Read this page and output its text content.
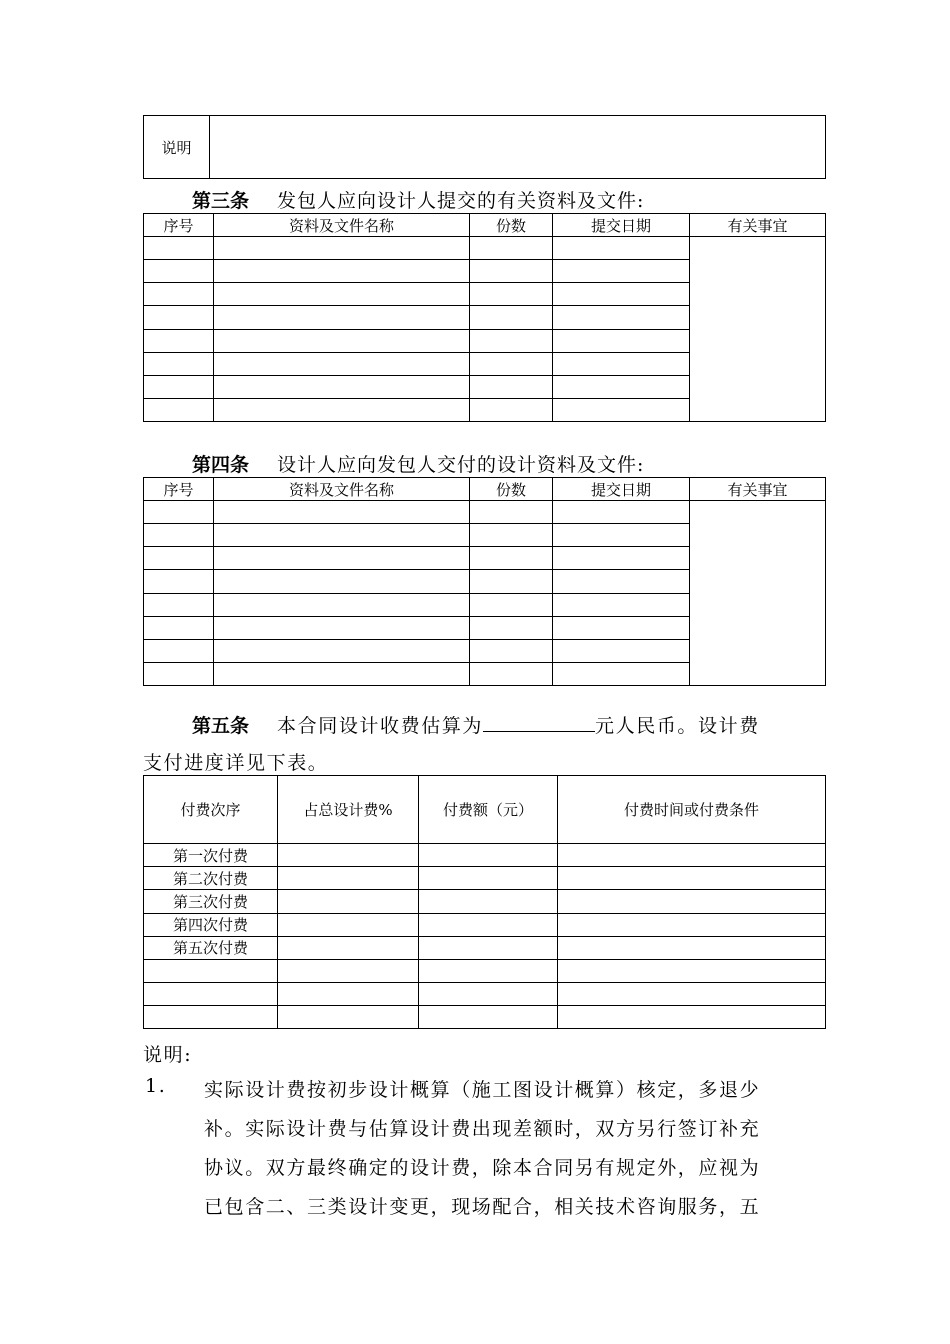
说明	
第三条 发包人应向设计人提交的有关资料及文件:
序号	资料及文件名称	份数	提交日期	有关事宜

第四条 设计人应向发包人交付的设计资料及文件:
序号	资料及文件名称	份数	提交日期	有关事宜

第五条 本合同设计收费估算为	元人民币。设计费
支付进度详见下表。
付费次序	占总设计费%	付费额（元）	付费时间或付费条件
第一次付费			
第二次付费			
第三次付费			
第四次付费			
第五次付费			

说明:
1. 实际设计费按初步设计概算（施工图设计概算）核定，多退少
补。实际设计费与估算设计费出现差额时，双方另行签订补充
协议。双方最终确定的设计费，除本合同另有规定外，应视为
已包含二、三类设计变更，现场配合，相关技术咨询服务，五
